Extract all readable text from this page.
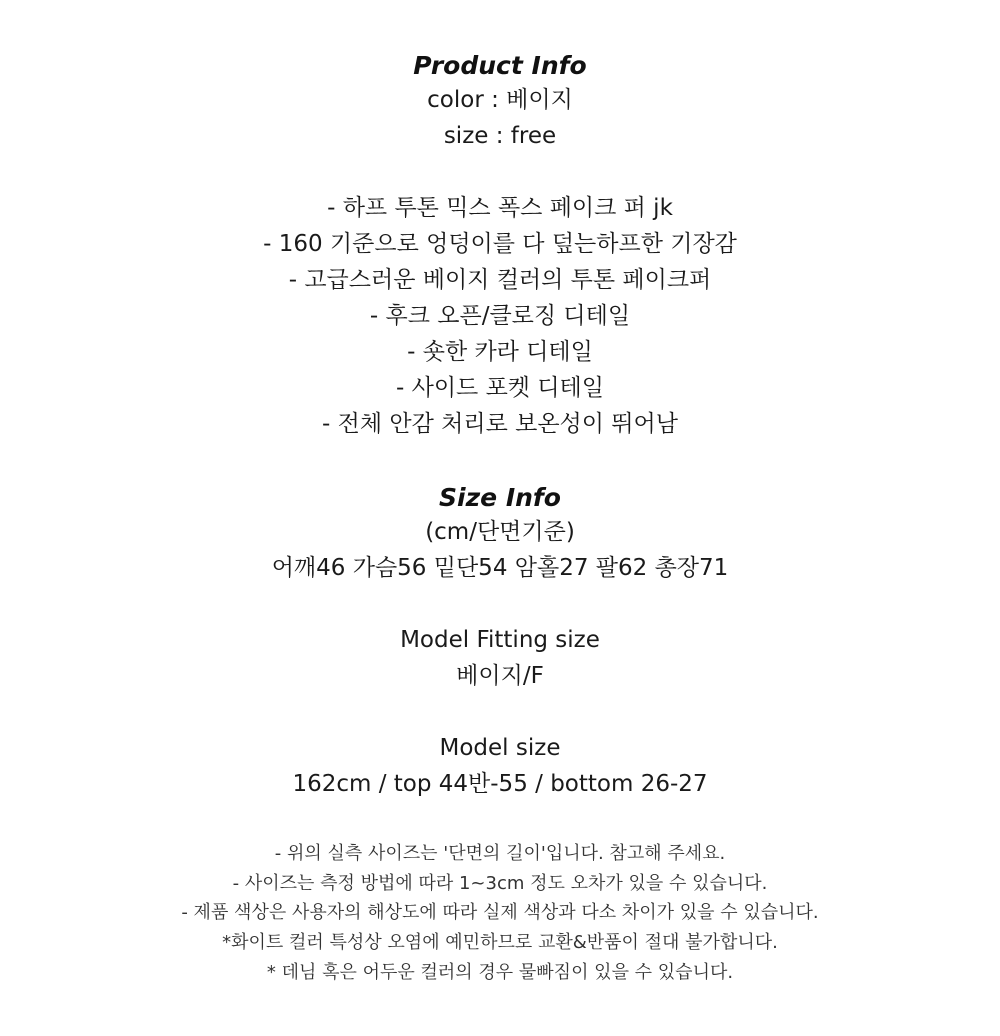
Product Info
color : 베이지
size : free
- 하프 투톤 믹스 폭스 페이크 퍼 jk
- 160 기준으로 엉덩이를 다 덮는하프한 기장감
- 고급스러운 베이지 컬러의 투톤 페이크퍼
- 후크 오픈/클로징 디테일
- 숏한 카라 디테일
- 사이드 포켓 디테일
- 전체 안감 처리로 보온성이 뛰어남
Size Info
(cm/단면기준)
어깨46 가슴56 밑단54 암홀27 팔62 총장71
Model Fitting size
베이지/F
Model size
162cm / top 44반-55 / bottom 26-27
- 위의 실측 사이즈는 '단면의 길이'입니다. 참고해 주세요.
- 사이즈는 측정 방법에 따라 1~3cm 정도 오차가 있을 수 있습니다.
- 제품 색상은 사용자의 해상도에 따라 실제 색상과 다소 차이가 있을 수 있습니다.
*화이트 컬러 특성상 오염에 예민하므로 교환&반품이 절대 불가합니다.
* 데님 혹은 어두운 컬러의 경우 물빠짐이 있을 수 있습니다.
